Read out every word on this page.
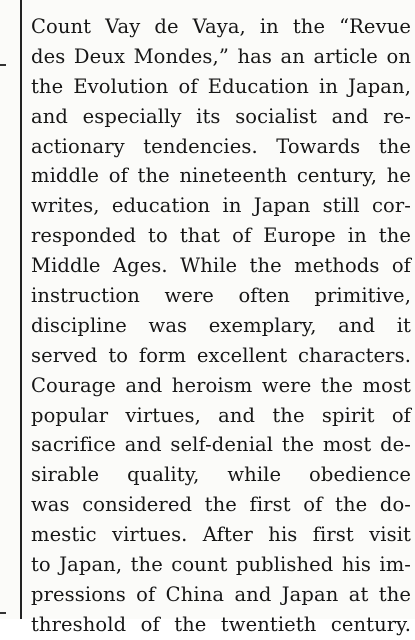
Count Vay de Vaya, in the “Revue
des Deux Mondes,” has an article on
the Evolution of Education in Japan,
and especially its socialist and re-
actionary tendencies. Towards the
middle of the nineteenth century, he
writes, education in Japan still cor-
responded to that of Europe in the
Middle Ages. While the methods of
instruction were often primitive,
discipline was exemplary, and it
served to form excellent characters.
Courage and heroism were the most
popular virtues, and the spirit of
sacrifice and self-denial the most de-
sirable quality, while obedience
was considered the first of the do-
mestic virtues. After his first visit
to Japan, the count published his im-
pressions of China and Japan at the
threshold of the twentieth century.
